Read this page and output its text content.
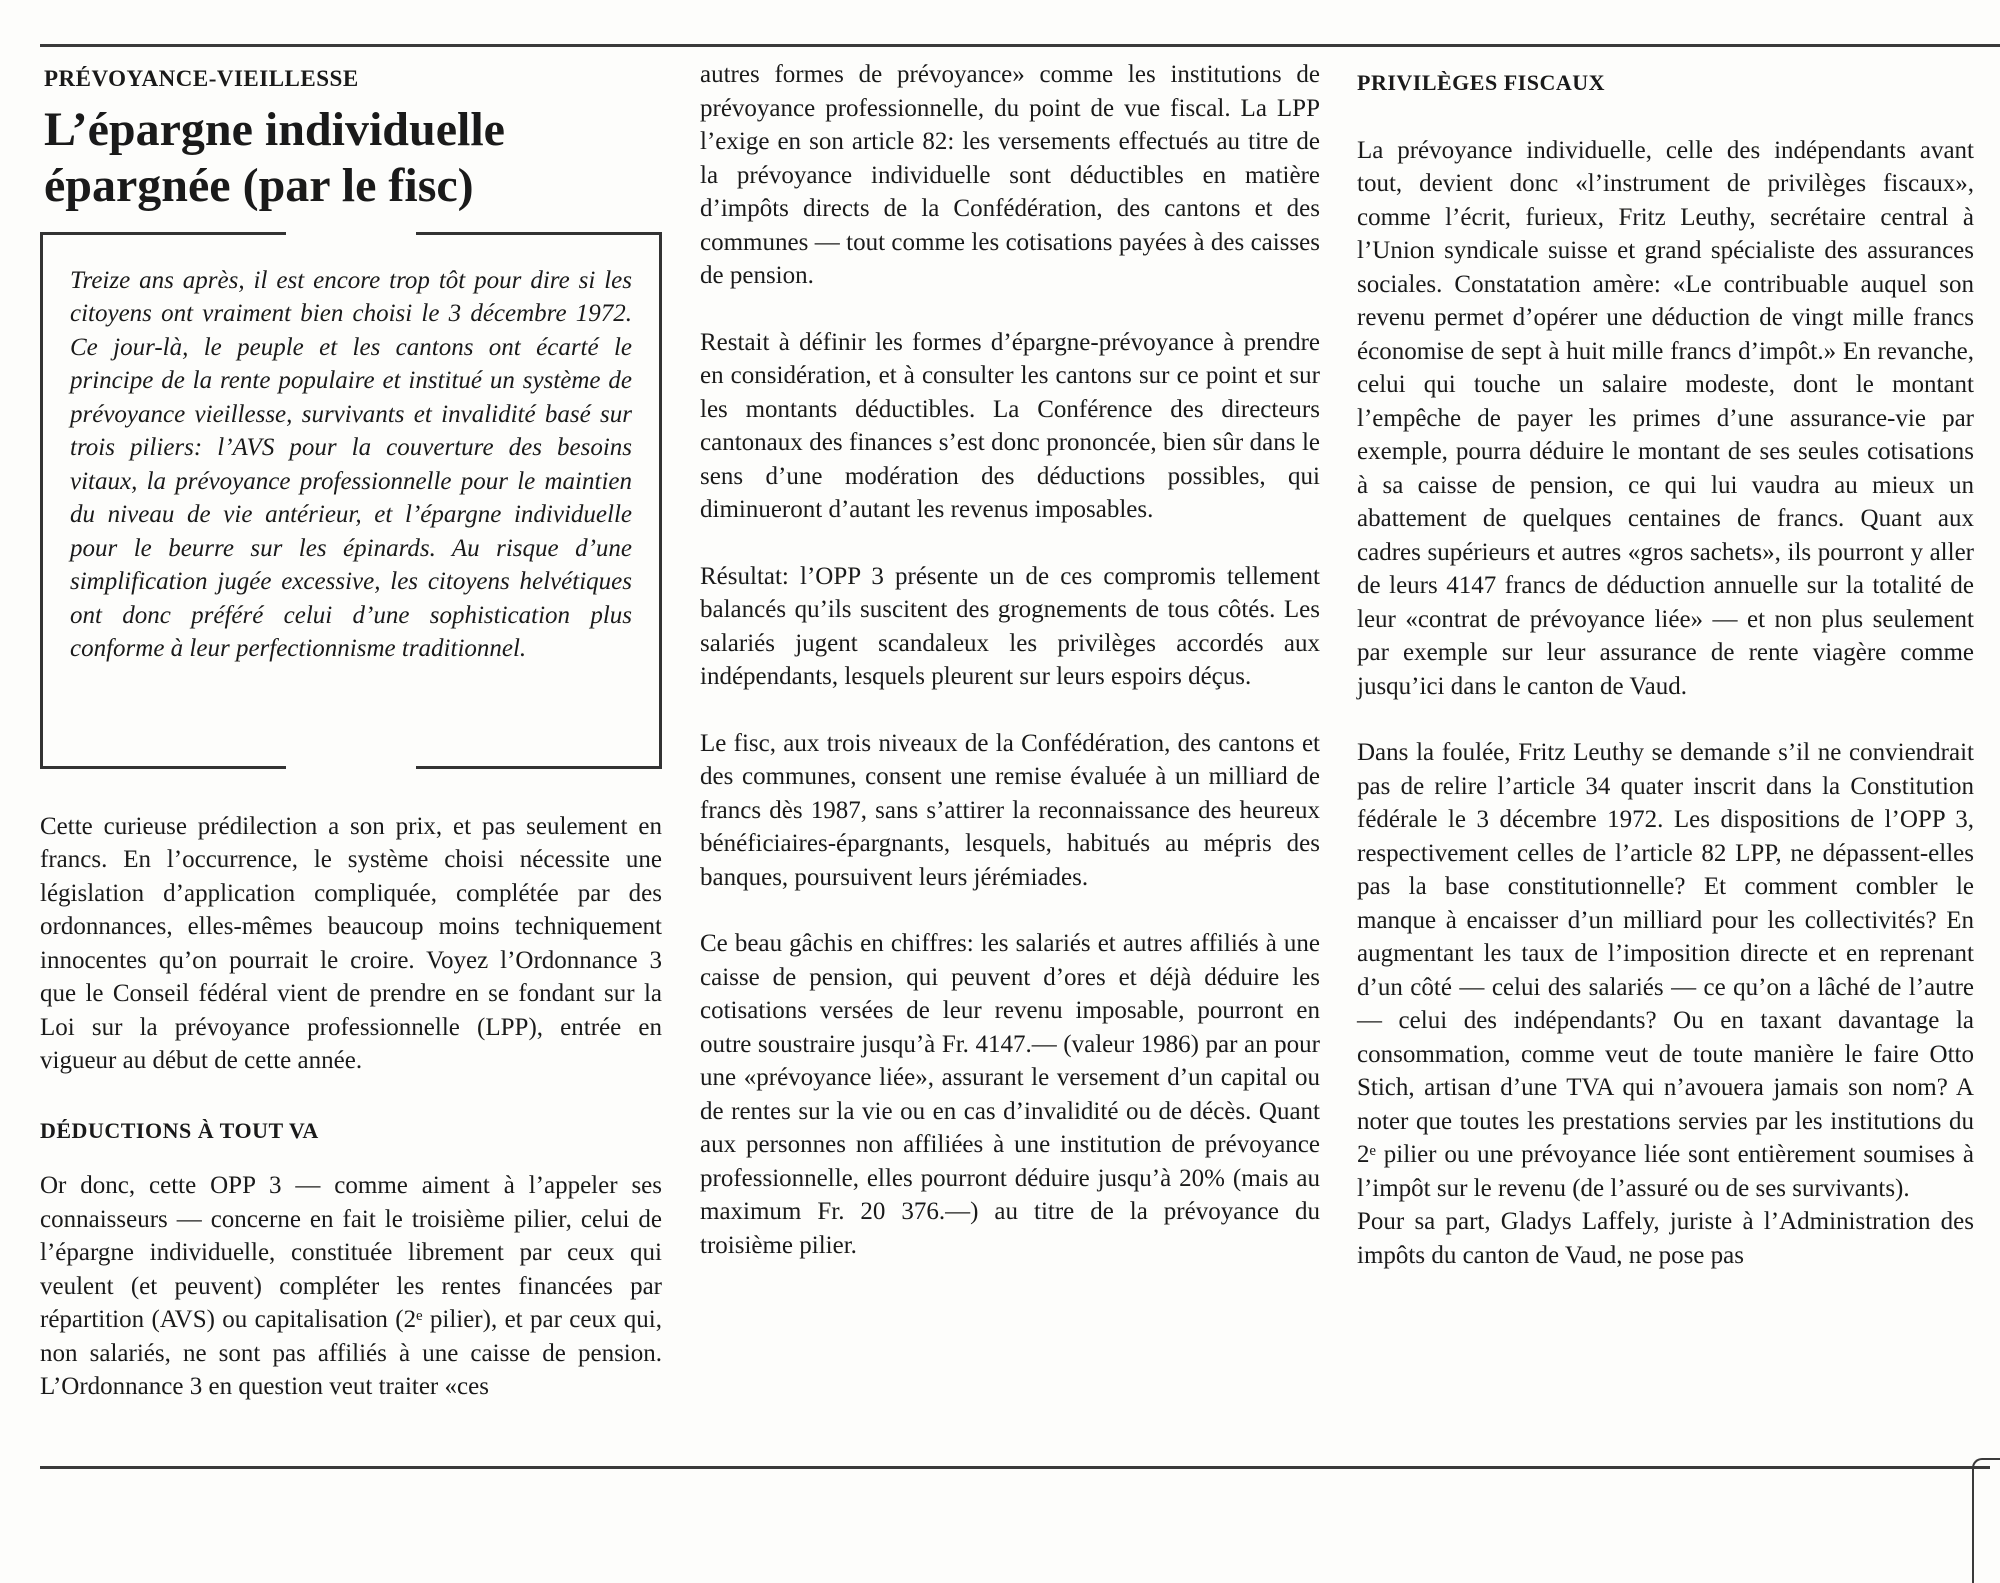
PRÉVOYANCE-VIEILLESSE
L’épargne individuelle
épargnée (par le fisc)
Treize ans après, il est encore trop tôt pour dire si les citoyens ont vraiment bien choisi le 3 décembre 1972. Ce jour-là, le peuple et les cantons ont écarté le principe de la rente populaire et institué un système de prévoyance vieillesse, survivants et invalidité basé sur trois piliers: l’AVS pour la couverture des besoins vitaux, la prévoyance professionnelle pour le maintien du niveau de vie antérieur, et l’épargne individuelle pour le beurre sur les épinards. Au risque d’une simplification jugée excessive, les citoyens helvétiques ont donc préféré celui d’une sophistication plus conforme à leur perfectionnisme traditionnel.

Cette curieuse prédilection a son prix, et pas seulement en francs. En l’occurrence, le système choisi nécessite une législation d’application compliquée, complétée par des ordonnances, elles-mêmes beaucoup moins techniquement innocentes qu’on pourrait le croire. Voyez l’Ordonnance 3 que le Conseil fédéral vient de prendre en se fondant sur la Loi sur la prévoyance professionnelle (LPP), entrée en vigueur au début de cette année.

DÉDUCTIONS À TOUT VA

Or donc, cette OPP 3 — comme aiment à l’appeler ses connaisseurs — concerne en fait le troisième pilier, celui de l’épargne individuelle, constituée librement par ceux qui veulent (et peuvent) compléter les rentes financées par répartition (AVS) ou capitalisation (2ᵉ pilier), et par ceux qui, non salariés, ne sont pas affiliés à une caisse de pension. L’Ordonnance 3 en question veut traiter «ces

autres formes de prévoyance» comme les institutions de prévoyance professionnelle, du point de vue fiscal. La LPP l’exige en son article 82: les versements effectués au titre de la prévoyance individuelle sont déductibles en matière d’impôts directs de la Confédération, des cantons et des communes — tout comme les cotisations payées à des caisses de pension.

Restait à définir les formes d’épargne-prévoyance à prendre en considération, et à consulter les cantons sur ce point et sur les montants déductibles. La Conférence des directeurs cantonaux des finances s’est donc prononcée, bien sûr dans le sens d’une modération des déductions possibles, qui diminueront d’autant les revenus imposables.

Résultat: l’OPP 3 présente un de ces compromis tellement balancés qu’ils suscitent des grognements de tous côtés. Les salariés jugent scandaleux les privilèges accordés aux indépendants, lesquels pleurent sur leurs espoirs déçus.

Le fisc, aux trois niveaux de la Confédération, des cantons et des communes, consent une remise évaluée à un milliard de francs dès 1987, sans s’attirer la reconnaissance des heureux bénéficiaires-épargnants, lesquels, habitués au mépris des banques, poursuivent leurs jérémiades.

Ce beau gâchis en chiffres: les salariés et autres affiliés à une caisse de pension, qui peuvent d’ores et déjà déduire les cotisations versées de leur revenu imposable, pourront en outre soustraire jusqu’à Fr. 4147.— (valeur 1986) par an pour une «prévoyance liée», assurant le versement d’un capital ou de rentes sur la vie ou en cas d’invalidité ou de décès. Quant aux personnes non affiliées à une institution de prévoyance professionnelle, elles pourront déduire jusqu’à 20% (mais au maximum Fr. 20 376.—) au titre de la prévoyance du troisième pilier.

PRIVILÈGES FISCAUX

La prévoyance individuelle, celle des indépendants avant tout, devient donc «l’instrument de privilèges fiscaux», comme l’écrit, furieux, Fritz Leuthy, secrétaire central à l’Union syndicale suisse et grand spécialiste des assurances sociales. Constatation amère: «Le contribuable auquel son revenu permet d’opérer une déduction de vingt mille francs économise de sept à huit mille francs d’impôt.» En revanche, celui qui touche un salaire modeste, dont le montant l’empêche de payer les primes d’une assurance-vie par exemple, pourra déduire le montant de ses seules cotisations à sa caisse de pension, ce qui lui vaudra au mieux un abattement de quelques centaines de francs. Quant aux cadres supérieurs et autres «gros sachets», ils pourront y aller de leurs 4147 francs de déduction annuelle sur la totalité de leur «contrat de prévoyance liée» — et non plus seulement par exemple sur leur assurance de rente viagère comme jusqu’ici dans le canton de Vaud.

Dans la foulée, Fritz Leuthy se demande s’il ne conviendrait pas de relire l’article 34 quater inscrit dans la Constitution fédérale le 3 décembre 1972. Les dispositions de l’OPP 3, respectivement celles de l’article 82 LPP, ne dépassent-elles pas la base constitutionnelle? Et comment combler le manque à encaisser d’un milliard pour les collectivités? En augmentant les taux de l’imposition directe et en reprenant d’un côté — celui des salariés — ce qu’on a lâché de l’autre — celui des indépendants? Ou en taxant davantage la consommation, comme veut de toute manière le faire Otto Stich, artisan d’une TVA qui n’avouera jamais son nom? A noter que toutes les prestations servies par les institutions du 2ᵉ pilier ou une prévoyance liée sont entièrement soumises à l’impôt sur le revenu (de l’assuré ou de ses survivants).

Pour sa part, Gladys Laffely, juriste à l’Administration des impôts du canton de Vaud, ne pose pas
